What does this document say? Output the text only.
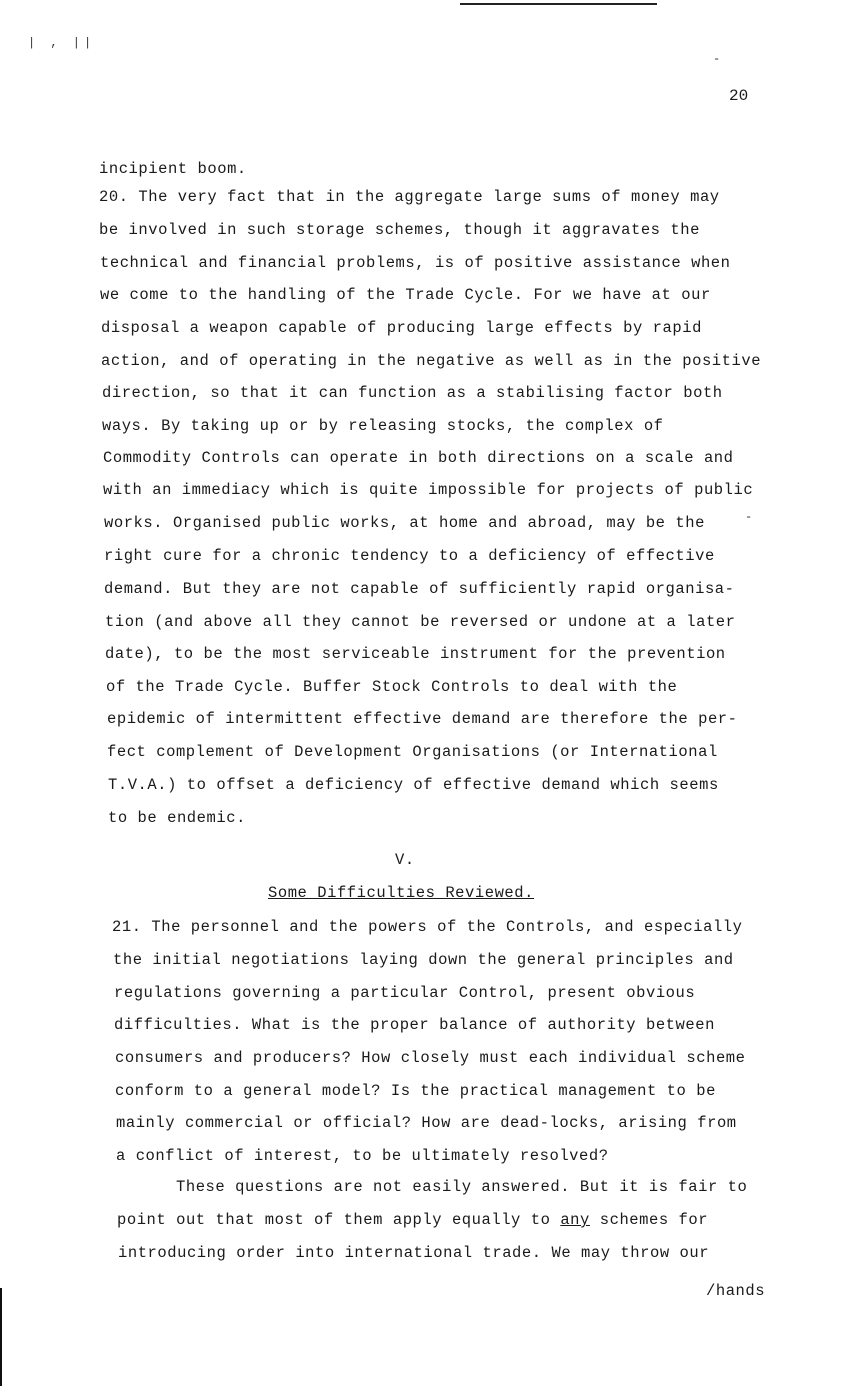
| , ||
-
-
20
incipient boom.
20. The very fact that in the aggregate large sums of money may
be involved in such storage schemes, though it aggravates the
technical and financial problems, is of positive assistance when
we come to the handling of the Trade Cycle. For we have at our
disposal a weapon capable of producing large effects by rapid
action, and of operating in the negative as well as in the positive
direction, so that it can function as a stabilising factor both
ways. By taking up or by releasing stocks, the complex of
Commodity Controls can operate in both directions on a scale and
with an immediacy which is quite impossible for projects of public
works. Organised public works, at home and abroad, may be the
right cure for a chronic tendency to a deficiency of effective
demand. But they are not capable of sufficiently rapid organisa-
tion (and above all they cannot be reversed or undone at a later
date), to be the most serviceable instrument for the prevention
of the Trade Cycle. Buffer Stock Controls to deal with the
epidemic of intermittent effective demand are therefore the per-
fect complement of Development Organisations (or International
T.V.A.) to offset a deficiency of effective demand which seems
to be endemic.
V.
Some Difficulties Reviewed.
21. The personnel and the powers of the Controls, and especially
the initial negotiations laying down the general principles and
regulations governing a particular Control, present obvious
difficulties. What is the proper balance of authority between
consumers and producers? How closely must each individual scheme
conform to a general model? Is the practical management to be
mainly commercial or official? How are dead-locks, arising from
a conflict of interest, to be ultimately resolved?
These questions are not easily answered. But it is fair to
point out that most of them apply equally to any schemes for
introducing order into international trade. We may throw our
/hands
